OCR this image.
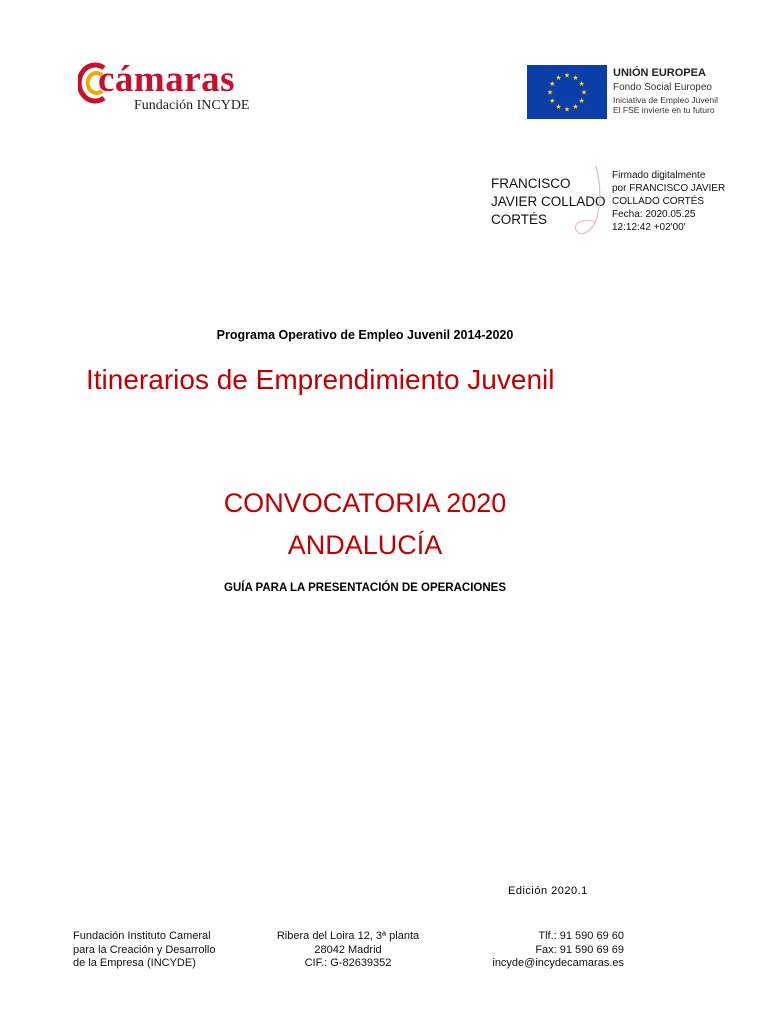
cámaras
Fundación INCYDE
★
★
★
★
★
★
★
★
★ ★ ★
★
UNIÓN EUROPEA
Fondo Social Europeo
Iniciativa de Empleo Juvenil
El FSE invierte en tu futuro
FRANCISCO
JAVIER COLLADO
CORTÉS
Firmado digitalmente
por FRANCISCO JAVIER
COLLADO CORTÉS
Fecha: 2020.05.25
12:12:42 +02'00'
Programa Operativo de Empleo Juvenil 2014-2020
Itinerarios de Emprendimiento Juvenil
CONVOCATORIA 2020
ANDALUCÍA
GUÍA PARA LA PRESENTACIÓN DE OPERACIONES
Edición 2020.1
Fundación Instituto Cameral
para la Creación y Desarrollo
de la Empresa (INCYDE)
Ribera del Loira 12, 3ª planta
28042 Madrid
CIF.: G-82639352
Tlf.: 91 590 69 60
Fax: 91 590 69 69
incyde@incydecamaras.es
